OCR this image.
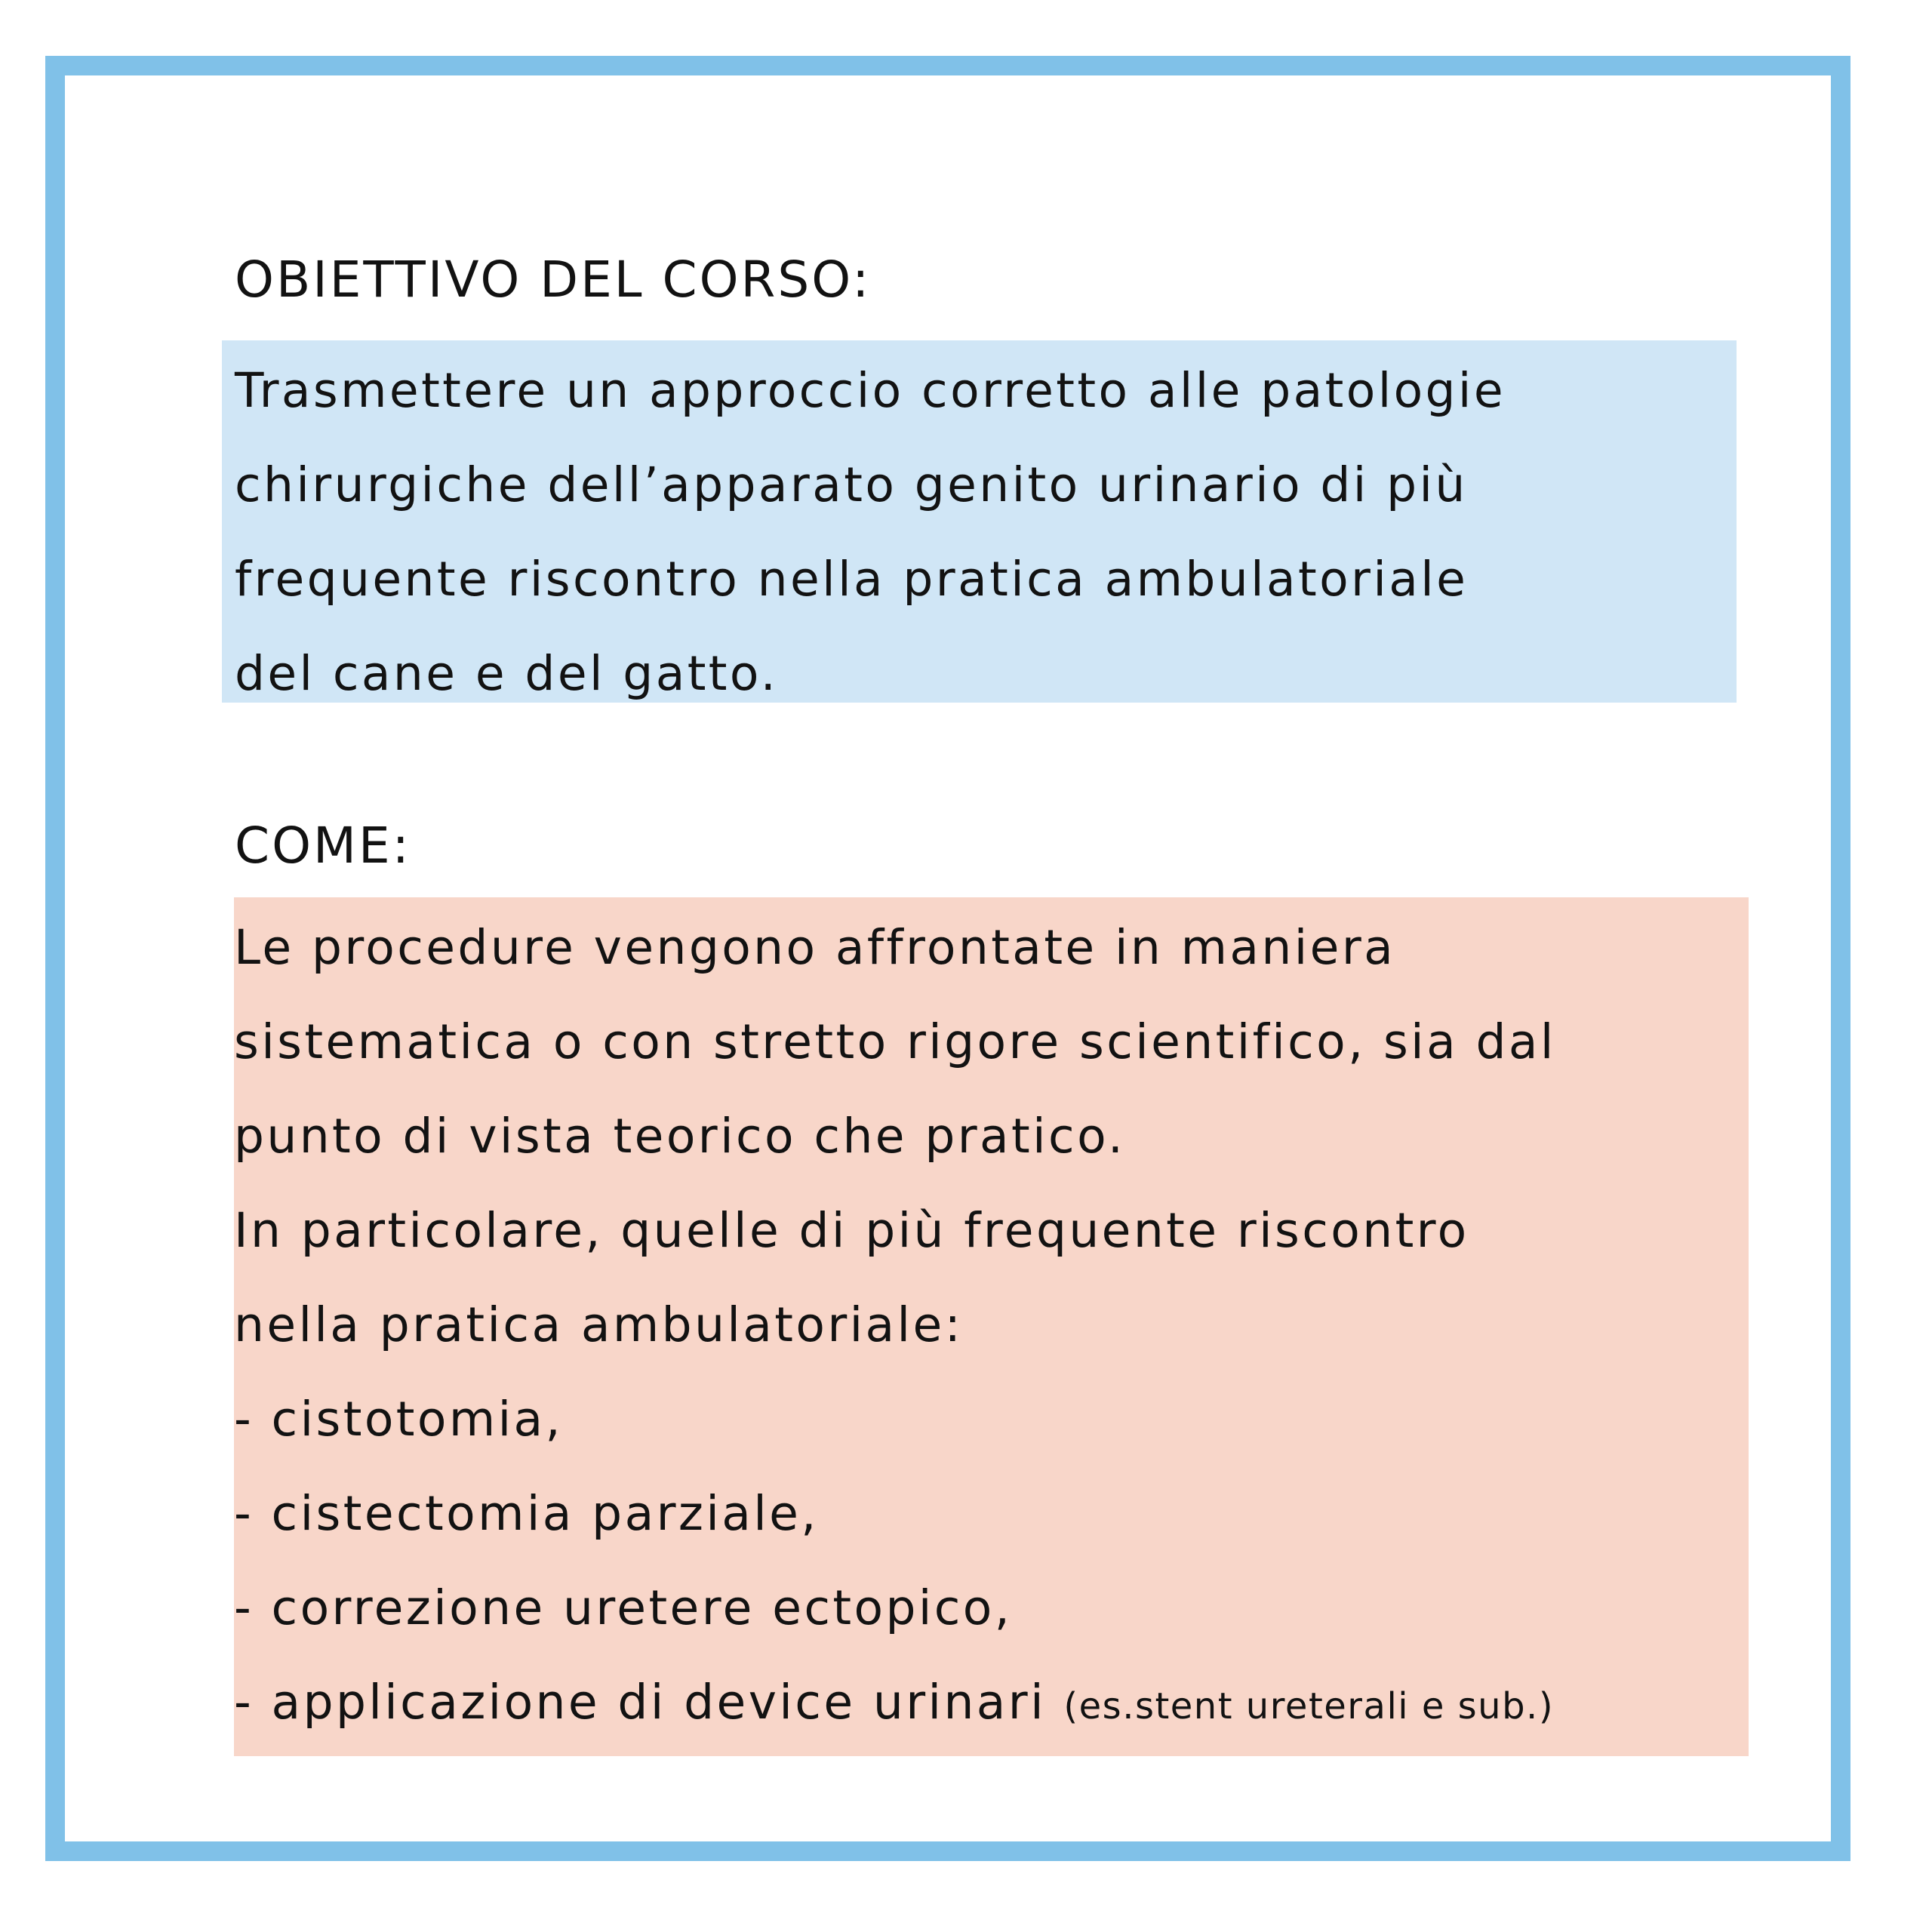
OBIETTIVO DEL CORSO:
Trasmettere un approccio corretto alle patologie
chirurgiche dell’apparato genito urinario di più
frequente riscontro nella pratica ambulatoriale
del cane e del gatto.
COME:
Le procedure vengono affrontate in maniera
sistematica o con stretto rigore scientifico, sia dal
punto di vista teorico che pratico.
In particolare, quelle di più frequente riscontro
nella pratica ambulatoriale:
- cistotomia,
- cistectomia parziale,
- correzione uretere ectopico,
- applicazione di device urinari (es.stent ureterali e sub.)
